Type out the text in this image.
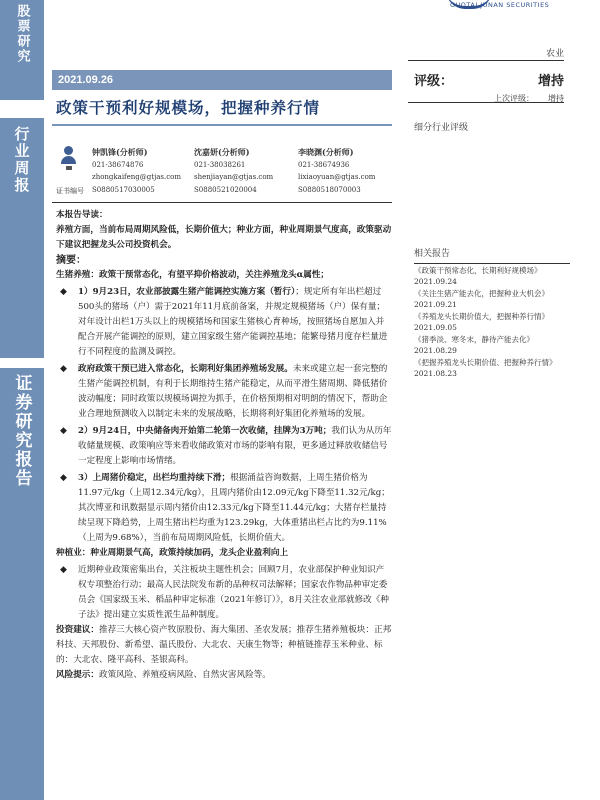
股票研究
行业周报
证券研究报告
GUOTAI JUNAN SECURITIES
农业
2021.09.26
政策干预利好规模场，把握种养行情
评级：	增持
上次评级： 增持
细分行业评级
证书编号
钟凯锋(分析师)
021-38674876
zhongkaifeng@gtjas.com
S0880517030005
沈嘉妍(分析师)
021-38038261
shenjiayan@gtjas.com
S0880521020004
李晓渊(分析师)
021-38674936
lixiaoyuan@gtjas.com
S0880518070003

本报告导读：

养殖方面，当前布局周期风险低，长期价值大；种业方面，种业周期景气度高，政策驱动下建议把握龙头公司投资机会。

摘要：

生猪养殖：政策干预常态化，有望平抑价格波动，关注养殖龙头α属性；

◆ 1）9月23日，农业部披露生猪产能调控实施方案（暂行）；规定所有年出栏超过500头的猪场（户）需于2021年11月底前备案，并规定规模猪场（户）保有量；对年设计出栏1万头以上的规模猪场和国家生猪核心育种场，按照猪场自愿加入并配合开展产能调控的原则，建立国家级生猪产能调控基地；能繁母猪月度存栏量进行不同程度的监测及调控。
◆ 政府政策干预已进入常态化，长期利好集团养殖场发展。未来或建立起一套完整的生猪产能调控机制，有利于长期维持生猪产能稳定，从而平滑生猪周期、降低猪价波动幅度；同时政策以规模场调控为抓手，在价格预期相对明朗的情况下，帮助企业合理地预测收入以制定未来的发展战略，长期将利好集团化养殖场的发展。
◆ 2）9月24日，中央储备肉开始第二轮第一次收储，挂牌为3万吨；我们认为从历年收储量规模、政策响应等来看收储政策对市场的影响有限，更多通过释放收储信号一定程度上影响市场情绪。
◆ 3）上周猪价稳定，出栏均重持续下滑；根据涌益咨询数据，上周生猪价格为11.97元/kg（上周12.34元/kg），且周内猪价由12.09元/kg下降至11.32元/kg；其次博亚和讯数据显示周内猪价由12.33元/kg下降至11.44元/kg；大猪存栏量持续呈现下降趋势，上周生猪出栏均重为123.29kg，大体重猪出栏占比约为9.11%（上周为9.68%），当前布局周期风险低，长期价值大。

种植业：种业周期景气高，政策持续加码，龙头企业盈利向上

◆ 近期种业政策密集出台，关注板块主题性机会；回顾7月，农业部保护种业知识产权专项整治行动；最高人民法院发布新的品种权司法解释；国家农作物品种审定委员会《国家级玉米、稻品种审定标准（2021年修订）》，8月关注农业部就修改《种子法》提出建立实质性派生品种制度。

投资建议：推荐三大核心资产牧原股份、海大集团、圣农发展；推荐生猪养殖板块：正邦科技、天邦股份、新希望、温氏股份、大北农、天康生物等；种植链推荐玉米种业、标的：大北农、隆平高科、荃银高科。

风险提示：政策风险、养殖疫病风险、自然灾害风险等。

相关报告
《政策干预常态化，长期利好规模场》
2021.09.24
《关注生猪产能去化，把握种业大机会》
2021.09.21
《养殖龙头长期价值大，把握种养行情》
2021.09.05
《猪季淡、寒冬末，静待产能去化》
2021.08.29
《把握养殖龙头长期价值、把握种养行情》
2021.08.23
